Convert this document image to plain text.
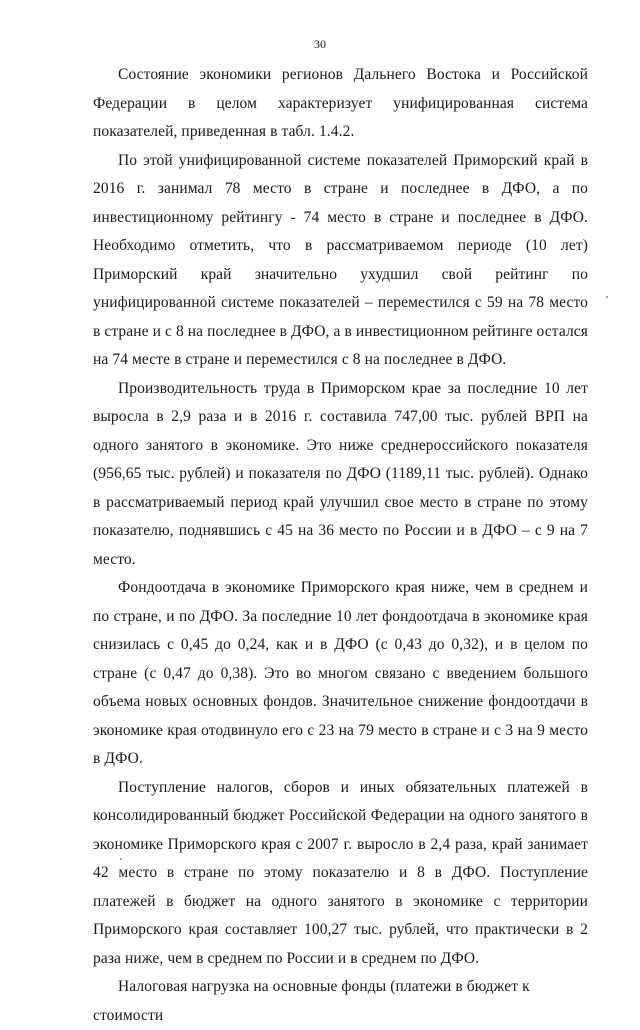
30

Состояние экономики регионов Дальнего Востока и Российской Федерации в целом характеризует унифицированная система показателей, приведенная в табл. 1.4.2.

По этой унифицированной системе показателей Приморский край в 2016 г. занимал 78 место в стране и последнее в ДФО, а по инвестиционному рейтингу - 74 место в стране и последнее в ДФО. Необходимо отметить, что в рассматриваемом периоде (10 лет) Приморский край значительно ухудшил свой рейтинг по унифицированной системе показателей – переместился с 59 на 78 место в стране и с 8 на последнее в ДФО, а в инвестиционном рейтинге остался на 74 месте в стране и переместился с 8 на последнее в ДФО.

Производительность труда в Приморском крае за последние 10 лет выросла в 2,9 раза и в 2016 г. составила 747,00 тыс. рублей ВРП на одного занятого в экономике. Это ниже среднероссийского показателя (956,65 тыс. рублей) и показателя по ДФО (1189,11 тыс. рублей). Однако в рассматриваемый период край улучшил свое место в стране по этому показателю, поднявшись с 45 на 36 место по России и в ДФО – с 9 на 7 место.

Фондоотдача в экономике Приморского края ниже, чем в среднем и по стране, и по ДФО. За последние 10 лет фондоотдача в экономике края снизилась с 0,45 до 0,24, как и в ДФО (с 0,43 до 0,32), и в целом по стране (с 0,47 до 0,38). Это во многом связано с введением большого объема новых основных фондов. Значительное снижение фондоотдачи в экономике края отодвинуло его с 23 на 79 место в стране и с 3 на 9 место в ДФО.

Поступление налогов, сборов и иных обязательных платежей в консолидированный бюджет Российской Федерации на одного занятого в экономике Приморского края с 2007 г. выросло в 2,4 раза, край занимает 42 место в стране по этому показателю и 8 в ДФО. Поступление платежей в бюджет на одного занятого в экономике с территории Приморского края составляет 100,27 тыс. рублей, что практически в 2 раза ниже, чем в среднем по России и в среднем по ДФО.

Налоговая нагрузка на основные фонды (платежи в бюджет к стоимости
